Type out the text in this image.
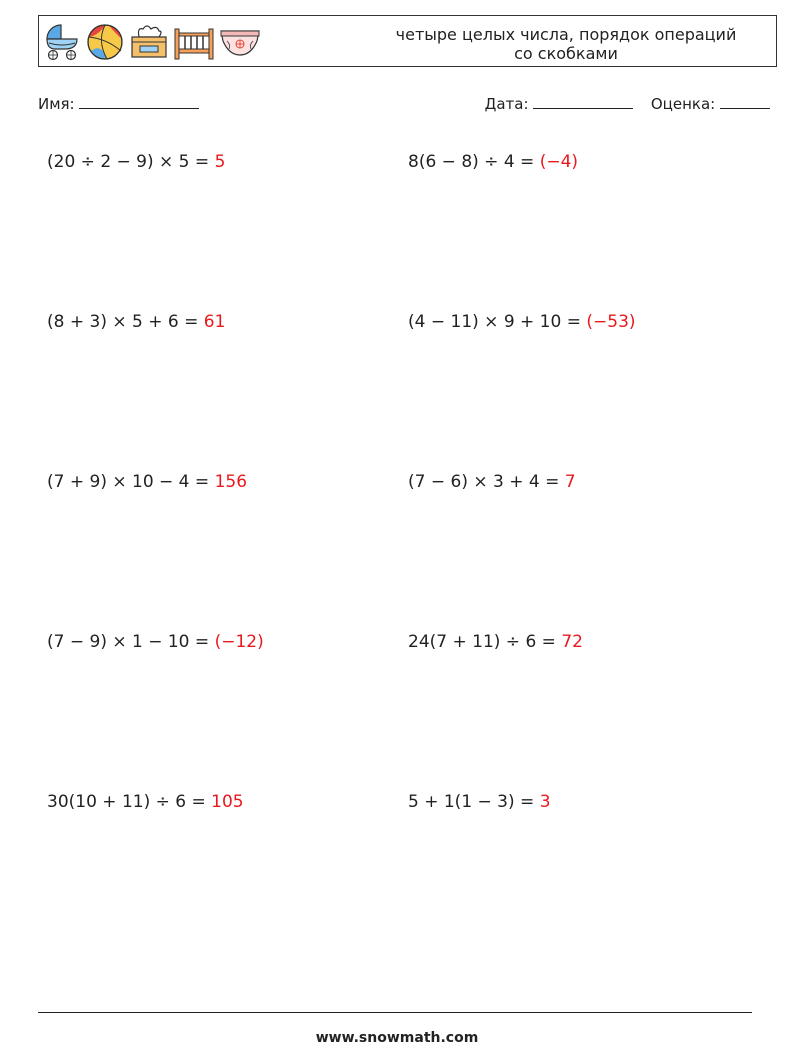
четыре целых числа, порядок операций
со скобками
Имя:	Дата:	Оценка:
(20 ÷ 2 − 9) × 5 = 5	8(6 − 8) ÷ 4 = (−4)
(8 + 3) × 5 + 6 = 61	(4 − 11) × 9 + 10 = (−53)
(7 + 9) × 10 − 4 = 156	(7 − 6) × 3 + 4 = 7
(7 − 9) × 1 − 10 = (−12)	24(7 + 11) ÷ 6 = 72
30(10 + 11) ÷ 6 = 105	5 + 1(1 − 3) = 3
www.snowmath.com
